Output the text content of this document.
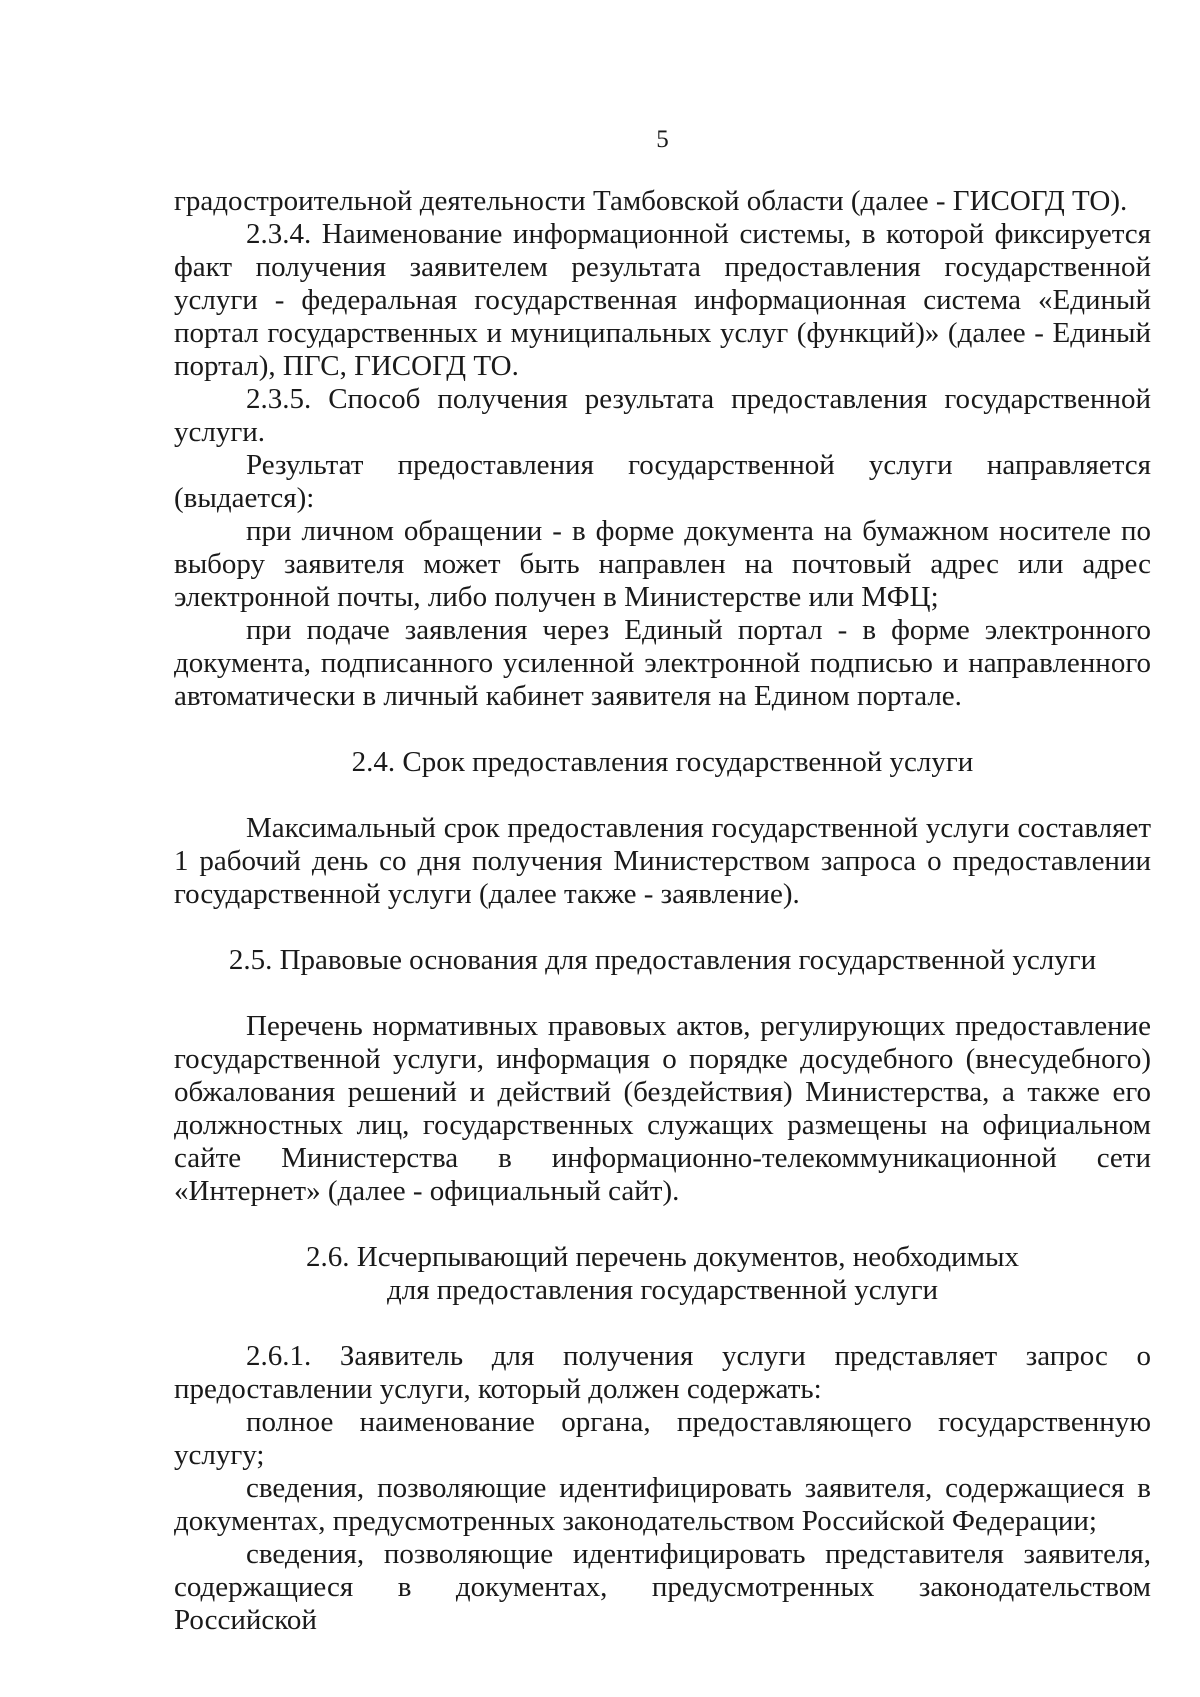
5

градостроительной деятельности Тамбовской области (далее - ГИСОГД ТО).

2.3.4. Наименование информационной системы, в которой фиксируется факт получения заявителем результата предоставления государственной услуги - федеральная государственная информационная система «Единый портал государственных и муниципальных услуг (функций)» (далее - Единый портал), ПГС, ГИСОГД ТО.

2.3.5. Способ получения результата предоставления государственной услуги.

Результат предоставления государственной услуги направляется (выдается):

при личном обращении - в форме документа на бумажном носителе по выбору заявителя может быть направлен на почтовый адрес или адрес электронной почты, либо получен в Министерстве или МФЦ;

при подаче заявления через Единый портал - в форме электронного документа, подписанного усиленной электронной подписью и направленного автоматически в личный кабинет заявителя на Едином портале.

2.4. Срок предоставления государственной услуги

Максимальный срок предоставления государственной услуги составляет 1 рабочий день со дня получения Министерством запроса о предоставлении государственной услуги (далее также - заявление).

2.5. Правовые основания для предоставления государственной услуги

Перечень нормативных правовых актов, регулирующих предоставление государственной услуги, информация о порядке досудебного (внесудебного) обжалования решений и действий (бездействия) Министерства, а также его должностных лиц, государственных служащих размещены на официальном сайте Министерства в информационно-телекоммуникационной сети «Интернет» (далее - официальный сайт).

2.6. Исчерпывающий перечень документов, необходимых
для предоставления государственной услуги

2.6.1. Заявитель для получения услуги представляет запрос о предоставлении услуги, который должен содержать:

полное наименование органа, предоставляющего государственную услугу;

сведения, позволяющие идентифицировать заявителя, содержащиеся в документах, предусмотренных законодательством Российской Федерации;

сведения, позволяющие идентифицировать представителя заявителя, содержащиеся в документах, предусмотренных законодательством Российской
